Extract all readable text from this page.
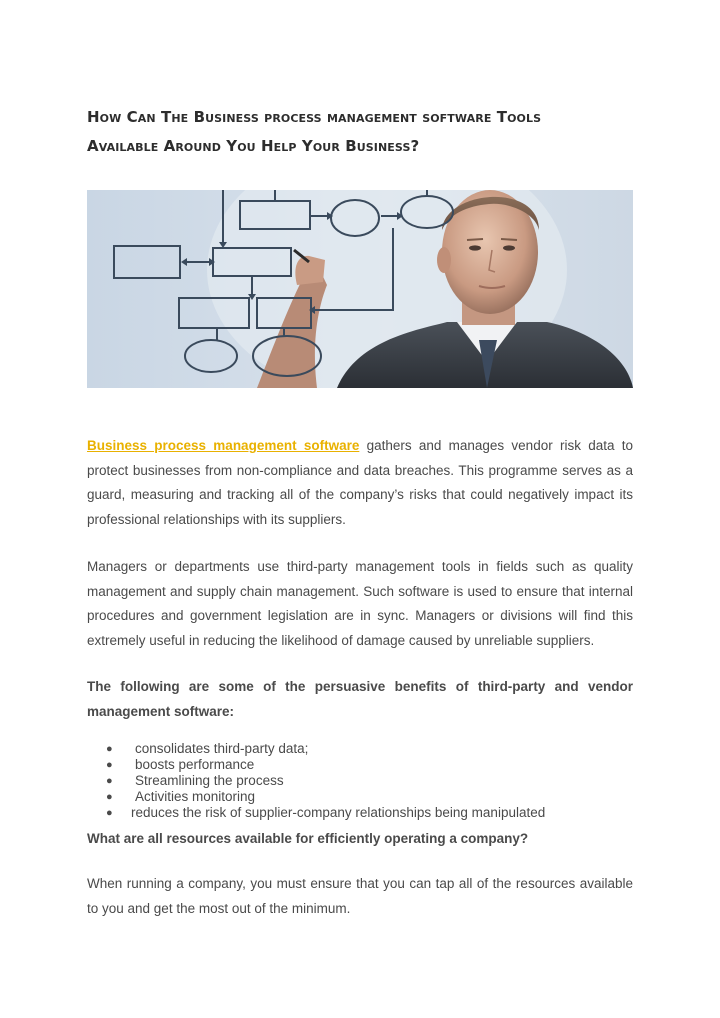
How Can The Business process management software Tools
Available Around You Help Your Business?

Business process management software gathers and manages vendor risk data to protect businesses from non-compliance and data breaches. This programme serves as a guard, measuring and tracking all of the company’s risks that could negatively impact its professional relationships with its suppliers.

Managers or departments use third-party management tools in fields such as quality management and supply chain management. Such software is used to ensure that internal procedures and government legislation are in sync. Managers or divisions will find this extremely useful in reducing the likelihood of damage caused by unreliable suppliers.

The following are some of the persuasive benefits of third-party and vendor management software:

● consolidates third-party data;
● boosts performance
● Streamlining the process
● Activities monitoring
● reduces the risk of supplier-company relationships being manipulated

What are all resources available for efficiently operating a company?

When running a company, you must ensure that you can tap all of the resources available to you and get the most out of the minimum.
